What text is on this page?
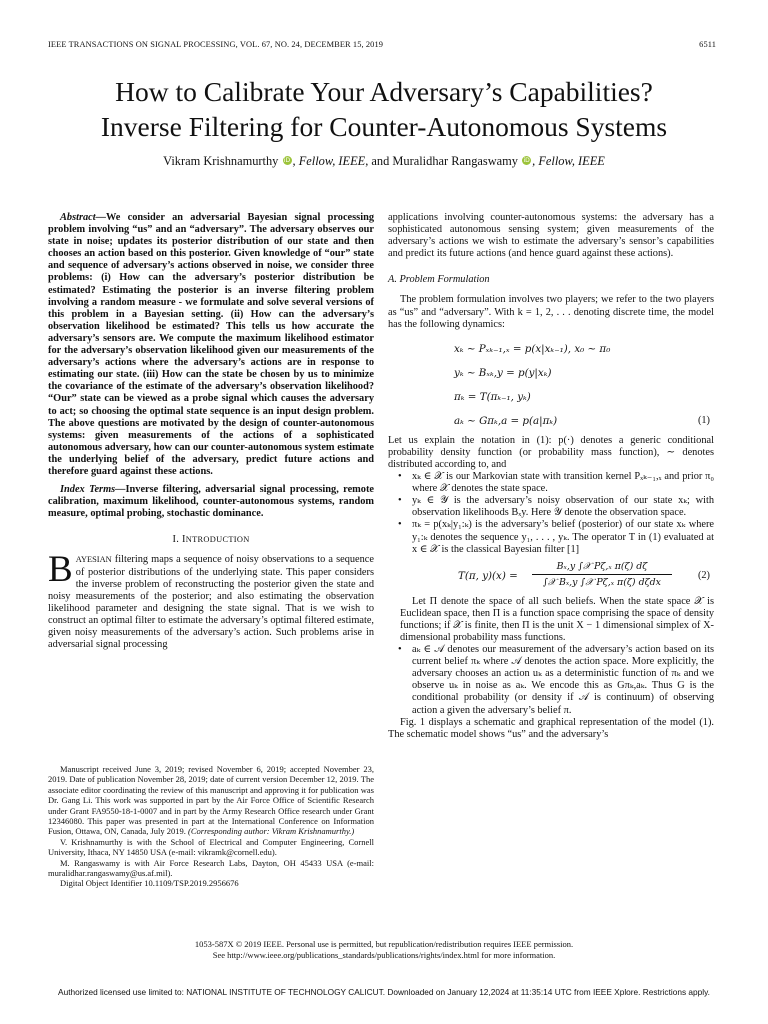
IEEE TRANSACTIONS ON SIGNAL PROCESSING, VOL. 67, NO. 24, DECEMBER 15, 2019	6511
How to Calibrate Your Adversary’s Capabilities?
Inverse Filtering for Counter-Autonomous Systems
Vikram Krishnamurthy iD , Fellow, IEEE, and Muralidhar Rangaswamy iD , Fellow, IEEE

Abstract—We consider an adversarial Bayesian signal processing problem involving “us” and an “adversary”. The adversary observes our state in noise; updates its posterior distribution of our state and then chooses an action based on this posterior. Given knowledge of “our” state and sequence of adversary’s actions observed in noise, we consider three problems: (i) How can the adversary’s posterior distribution be estimated? Estimating the posterior is an inverse filtering problem involving a random measure - we formulate and solve several versions of this problem in a Bayesian setting. (ii) How can the adversary’s observation likelihood be estimated? This tells us how accurate the adversary’s sensors are. We compute the maximum likelihood estimator for the adversary’s observation likelihood given our measurements of the adversary’s actions where the adversary’s actions are in response to estimating our state. (iii) How can the state be chosen by us to minimize the covariance of the estimate of the adversary’s observation likelihood? “Our” state can be viewed as a probe signal which causes the adversary to act; so choosing the optimal state sequence is an input design problem. The above questions are motivated by the design of counter-autonomous systems: given measurements of the actions of a sophisticated autonomous adversary, how can our counter-autonomous system estimate the underlying belief of the adversary, predict future actions and therefore guard against these actions.

Index Terms—Inverse filtering, adversarial signal processing, remote calibration, maximum likelihood, counter-autonomous systems, random measure, optimal probing, stochastic dominance.

I. INTRODUCTION

BAYESIAN filtering maps a sequence of noisy observations to a sequence of posterior distributions of the underlying state. This paper considers the inverse problem of reconstructing the posterior given the state and noisy measurements of the posterior; and also estimating the observation likelihood parameter and designing the state signal. That is we wish to construct an optimal filter to estimate the adversary’s optimal filtered estimate, given noisy measurements of the adversary’s action. Such problems arise in adversarial signal processing

Manuscript received June 3, 2019; revised November 6, 2019; accepted November 23, 2019. Date of publication November 28, 2019; date of current version December 12, 2019. The associate editor coordinating the review of this manuscript and approving it for publication was Dr. Gang Li. This work was supported in part by the Air Force Office of Scientific Research under Grant FA9550-18-1-0007 and in part by the Army Research Office research under Grant 12346080. This paper was presented in part at the International Conference on Information Fusion, Ottawa, ON, Canada, July 2019. (Corresponding author: Vikram Krishnamurthy.)

V. Krishnamurthy is with the School of Electrical and Computer Engineering, Cornell University, Ithaca, NY 14850 USA (e-mail: vikramk@cornell.edu).

M. Rangaswamy is with Air Force Research Labs, Dayton, OH 45433 USA (e-mail: muralidhar.rangaswamy@us.af.mil).

Digital Object Identifier 10.1109/TSP.2019.2956676

applications involving counter-autonomous systems: the adversary has a sophisticated autonomous sensing system; given measurements of the adversary’s actions we wish to estimate the adversary’s sensor’s capabilities and predict its future actions (and hence guard against these actions).

A. Problem Formulation

The problem formulation involves two players; we refer to the two players as “us” and “adversary”. With k = 1, 2, . . . denoting discrete time, the model has the following dynamics:

xₖ ∼ Pₓₖ₋₁,ₓ = p(x|xₖ₋₁), x₀ ∼ π₀
yₖ ∼ Bₓₖ,y = p(y|xₖ)
πₖ = T(πₖ₋₁, yₖ)
aₖ ∼ Gπₖ,a = p(a|πₖ)	(1)

Let us explain the notation in (1): p(·) denotes a generic conditional probability density function (or probability mass function), ∼ denotes distributed according to, and

• xₖ ∈ 𝒳 is our Markovian state with transition kernel Pₓₖ₋₁,ₓ and prior π₀ where 𝒳 denotes the state space.

• yₖ ∈ 𝒴 is the adversary’s noisy observation of our state xₖ; with observation likelihoods Bₓy. Here 𝒴 denote the observation space.

• πₖ = p(xₖ|y₁:ₖ) is the adversary’s belief (posterior) of our state xₖ where y₁:ₖ denotes the sequence y₁, . . . , yₖ. The operator T in (1) evaluated at x ∈ 𝒳 is the classical Bayesian filter [1]

T(π, y)(x) =
Bₓ,y ∫𝒳 Pζ,ₓ π(ζ) dζ
∫𝒳 Bₓ,y ∫𝒳 Pζ,ₓ π(ζ) dζdx
(2)

Let Π denote the space of all such beliefs. When the state space 𝒳 is Euclidean space, then Π is a function space comprising the space of density functions; if 𝒳 is finite, then Π is the unit X − 1 dimensional simplex of X-dimensional probability mass functions.

• aₖ ∈ 𝒜 denotes our measurement of the adversary’s action based on its current belief πₖ where 𝒜 denotes the action space. More explicitly, the adversary chooses an action uₖ as a deterministic function of πₖ and we observe uₖ in noise as aₖ. We encode this as Gπₖ,aₖ. Thus G is the conditional probability (or density if 𝒜 is continuum) of observing action a given the adversary’s belief π.

Fig. 1 displays a schematic and graphical representation of the model (1). The schematic model shows “us” and the adversary’s

1053-587X © 2019 IEEE. Personal use is permitted, but republication/redistribution requires IEEE permission.
See http://www.ieee.org/publications_standards/publications/rights/index.html for more information.
Authorized licensed use limited to: NATIONAL INSTITUTE OF TECHNOLOGY CALICUT. Downloaded on January 12,2024 at 11:35:14 UTC from IEEE Xplore. Restrictions apply.
